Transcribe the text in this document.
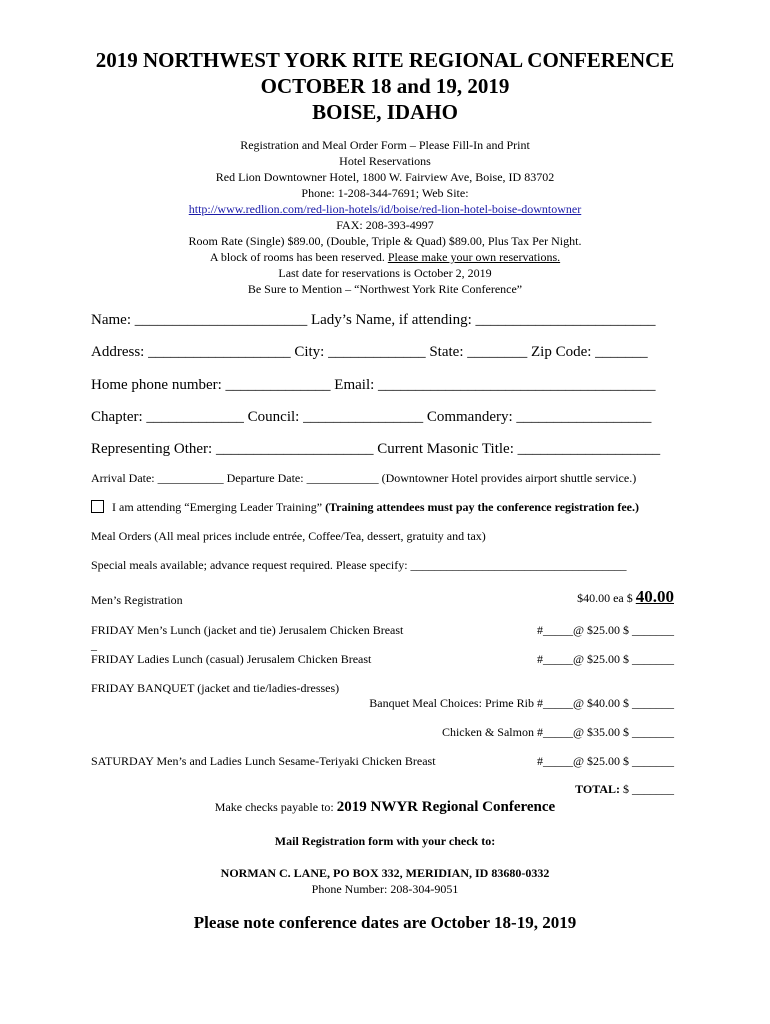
2019 NORTHWEST YORK RITE REGIONAL CONFERENCE
OCTOBER 18 and 19, 2019
BOISE, IDAHO
Registration and Meal Order Form – Please Fill-In and Print
Hotel Reservations
Red Lion Downtowner Hotel, 1800 W. Fairview Ave, Boise, ID 83702
Phone: 1-208-344-7691; Web Site:
http://www.redlion.com/red-lion-hotels/id/boise/red-lion-hotel-boise-downtowner
FAX: 208-393-4997
Room Rate (Single) $89.00, (Double, Triple & Quad) $89.00, Plus Tax Per Night.
A block of rooms has been reserved. Please make your own reservations.
Last date for reservations is October 2, 2019
Be Sure to Mention – “Northwest York Rite Conference”
Name: _______________________ Lady’s Name, if attending: ________________________
Address: ___________________ City: _____________ State: ________ Zip Code: _______
Home phone number: ______________ Email: _____________________________________
Chapter: _____________ Council: ________________ Commandery: __________________
Representing Other: _____________________ Current Masonic Title: ___________________
Arrival Date: ___________ Departure Date: ____________ (Downtowner Hotel provides airport shuttle service.)
I am attending “Emerging Leader Training” (Training attendees must pay the conference registration fee.)
Meal Orders (All meal prices include entrée, Coffee/Tea, dessert, gratuity and tax)
Special meals available; advance request required. Please specify: ____________________________________
Men’s Registration	$40.00 ea $ 40.00
FRIDAY Men’s Lunch (jacket and tie) Jerusalem Chicken Breast	#_____@ $25.00 $ _______
_
FRIDAY Ladies Lunch (casual) Jerusalem Chicken Breast	#_____@ $25.00 $ _______
FRIDAY BANQUET (jacket and tie/ladies-dresses)
Banquet Meal Choices: Prime Rib #_____@ $40.00 $ _______
Chicken & Salmon #_____@ $35.00 $ _______
SATURDAY Men’s and Ladies Lunch Sesame-Teriyaki Chicken Breast	#_____@ $25.00 $ _______
TOTAL: $ _______
Make checks payable to: 2019 NWYR Regional Conference
Mail Registration form with your check to:
NORMAN C. LANE, PO BOX 332, MERIDIAN, ID 83680-0332
Phone Number: 208-304-9051
Please note conference dates are October 18-19, 2019
